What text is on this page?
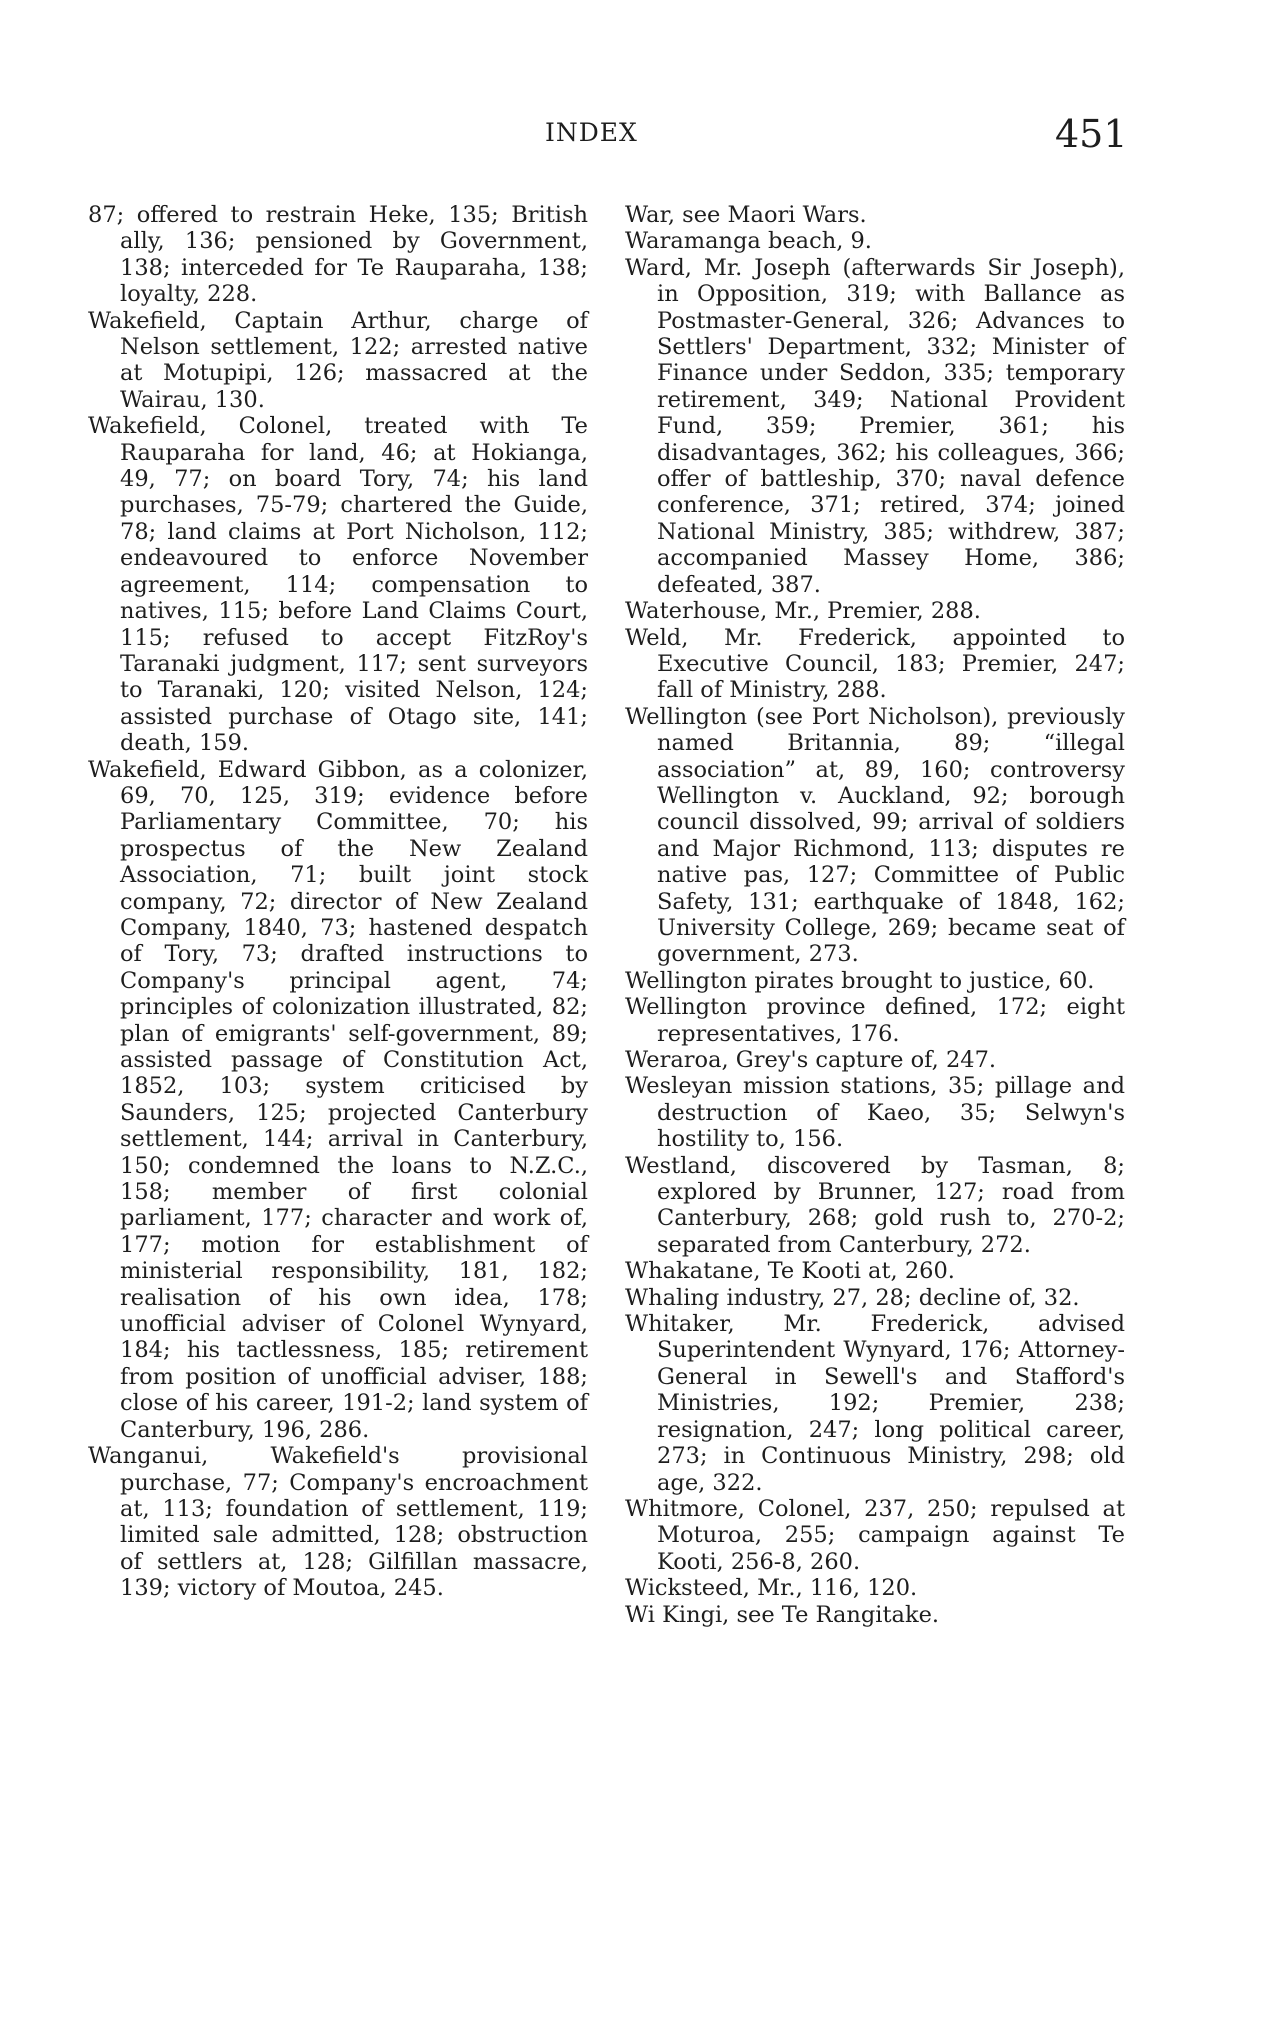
INDEX	451

87; offered to restrain Heke, 135; British ally, 136; pensioned by Government, 138; interceded for Te Rauparaha, 138; loyalty, 228.

Wakefield, Captain Arthur, charge of Nelson settlement, 122; arrested native at Motupipi, 126; massacred at the Wairau, 130.

Wakefield, Colonel, treated with Te Rauparaha for land, 46; at Hokianga, 49, 77; on board Tory, 74; his land purchases, 75-79; chartered the Guide, 78; land claims at Port Nicholson, 112; endeavoured to enforce November agreement, 114; compensation to natives, 115; before Land Claims Court, 115; refused to accept FitzRoy's Taranaki judgment, 117; sent surveyors to Taranaki, 120; visited Nelson, 124; assisted purchase of Otago site, 141; death, 159.

Wakefield, Edward Gibbon, as a colonizer, 69, 70, 125, 319; evidence before Parliamentary Committee, 70; his prospectus of the New Zealand Association, 71; built joint stock company, 72; director of New Zealand Company, 1840, 73; hastened despatch of Tory, 73; drafted instructions to Company's principal agent, 74; principles of colonization illustrated, 82; plan of emigrants' self-government, 89; assisted passage of Constitution Act, 1852, 103; system criticised by Saunders, 125; projected Canterbury settlement, 144; arrival in Canterbury, 150; condemned the loans to N.Z.C., 158; member of first colonial parliament, 177; character and work of, 177; motion for establishment of ministerial responsibility, 181, 182; realisation of his own idea, 178; unofficial adviser of Colonel Wynyard, 184; his tactlessness, 185; retirement from position of unofficial adviser, 188; close of his career, 191-2; land system of Canterbury, 196, 286.

Wanganui, Wakefield's provisional purchase, 77; Company's encroachment at, 113; foundation of settlement, 119; limited sale admitted, 128; obstruction of settlers at, 128; Gilfillan massacre, 139; victory of Moutoa, 245.

War, see Maori Wars.

Waramanga beach, 9.

Ward, Mr. Joseph (afterwards Sir Joseph), in Opposition, 319; with Ballance as Postmaster-General, 326; Advances to Settlers' Department, 332; Minister of Finance under Seddon, 335; temporary retirement, 349; National Provident Fund, 359; Premier, 361; his disadvantages, 362; his colleagues, 366; offer of battleship, 370; naval defence conference, 371; retired, 374; joined National Ministry, 385; withdrew, 387; accompanied Massey Home, 386; defeated, 387.

Waterhouse, Mr., Premier, 288.

Weld, Mr. Frederick, appointed to Executive Council, 183; Premier, 247; fall of Ministry, 288.

Wellington (see Port Nicholson), previously named Britannia, 89; “illegal association” at, 89, 160; controversy Wellington v. Auckland, 92; borough council dissolved, 99; arrival of soldiers and Major Richmond, 113; disputes re native pas, 127; Committee of Public Safety, 131; earthquake of 1848, 162; University College, 269; became seat of government, 273.

Wellington pirates brought to justice, 60.

Wellington province defined, 172; eight representatives, 176.

Weraroa, Grey's capture of, 247.

Wesleyan mission stations, 35; pillage and destruction of Kaeo, 35; Selwyn's hostility to, 156.

Westland, discovered by Tasman, 8; explored by Brunner, 127; road from Canterbury, 268; gold rush to, 270-2; separated from Canterbury, 272.

Whakatane, Te Kooti at, 260.

Whaling industry, 27, 28; decline of, 32.

Whitaker, Mr. Frederick, advised Superintendent Wynyard, 176; Attorney-General in Sewell's and Stafford's Ministries, 192; Premier, 238; resignation, 247; long political career, 273; in Continuous Ministry, 298; old age, 322.

Whitmore, Colonel, 237, 250; repulsed at Moturoa, 255; campaign against Te Kooti, 256-8, 260.

Wicksteed, Mr., 116, 120.

Wi Kingi, see Te Rangitake.
